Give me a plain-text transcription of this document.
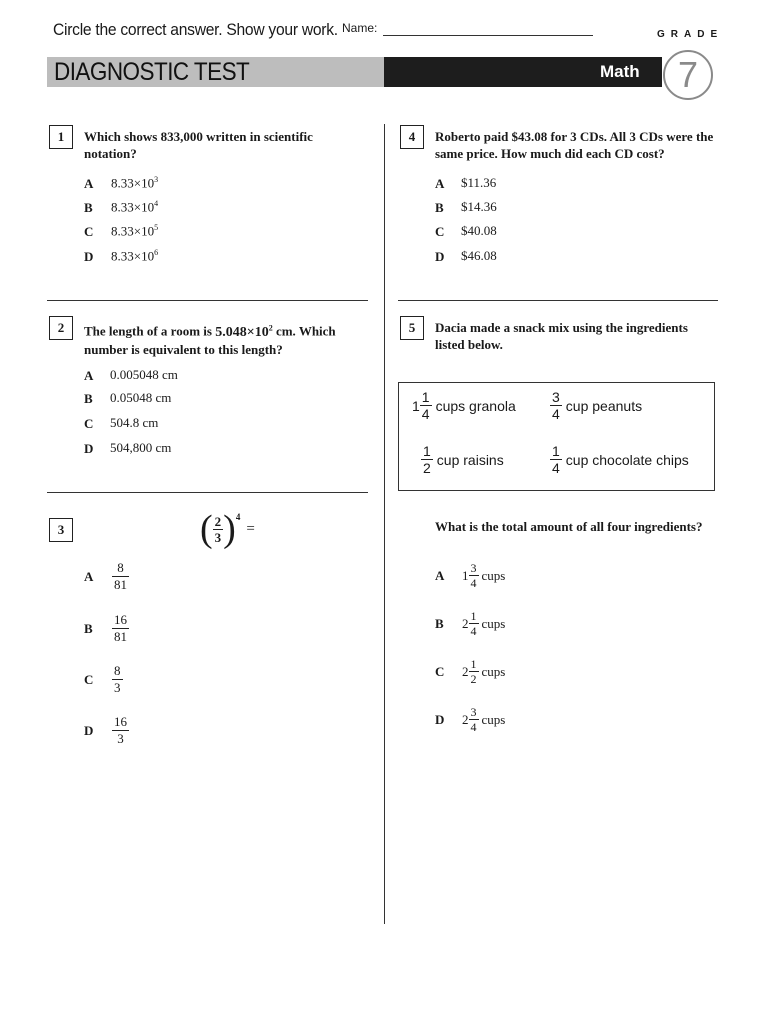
Circle the correct answer. Show your work. Name:	GRADE
DIAGNOSTIC TEST	Math	7
1	Which shows 833,000 written in scientific notation?
A $8.33\times 10^3$
B $8.33\times 10^4$
C $8.33\times 10^5$
D $8.33\times 10^6$
2	The length of a room is $5.048\times 10^2$ cm. Which number is equivalent to this length?
A 0.005048 cm
B 0.05048 cm
C 504.8 cm
D 504,800 cm
3	( $\frac{2}{3}$ ) 4
=
A	$\frac{8}{81}$
B	$\frac{16}{81}$
C	$\frac{8}{3}$
D	$\frac{16}{3}$
4	Roberto paid $43.08 for 3 CDs. All 3 CDs were the same price. How much did each CD cost?
A $11.36
B $14.36
C $40.08
D $46.08
5	Dacia made a snack mix using the ingredients listed below.
$1 \frac{1}{4}$ cups granola $\frac{3}{4}$ cup peanuts
$\frac{1}{2}$ cup raisins	$\frac{1}{4}$ cup chocolate chips
What is the total amount of all four ingredients?
A	$1 \frac{3}{4}$ cups
B	$2 \frac{1}{4}$ cups
C	$2 \frac{1}{2}$ cups
D	$2 \frac{3}{4}$ cups
